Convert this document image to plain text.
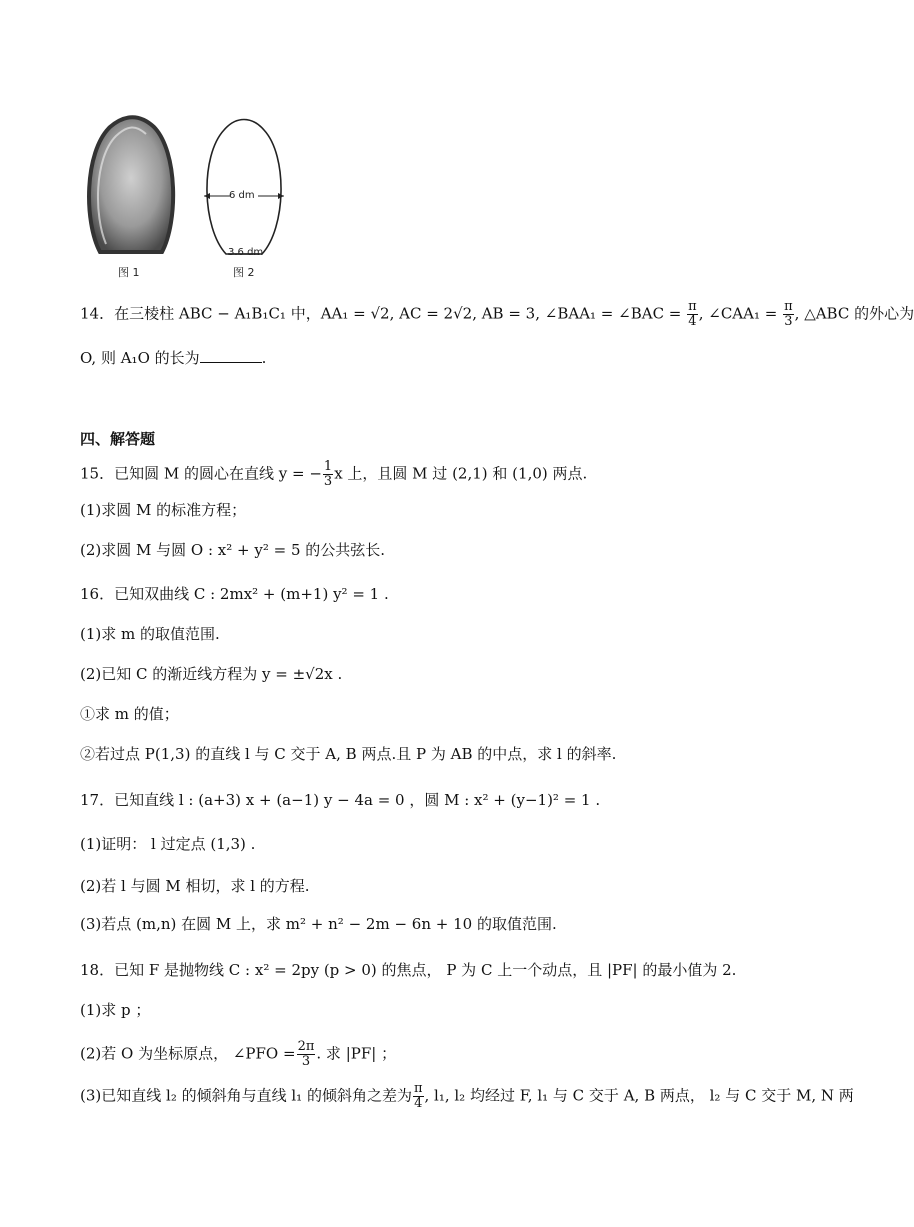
图 1
6 dm
3.6 dm
图 2
14．在三棱柱 ABC − A₁B₁C₁ 中，AA₁ = √2, AC = 2√2, AB = 3, ∠BAA₁ = ∠BAC = $\frac{\pi}{4}$ , ∠CAA₁ = $\frac{\pi}{3}$ , △ABC 的外心为
O, 则 A₁O 的长为	.
四、解答题
15．已知圆 M 的圆心在直线 y = − $\frac{1}{3}$ x 上，且圆 M 过 (2,1) 和 (1,0) 两点.
(1)求圆 M 的标准方程；
(2)求圆 M 与圆 O : x² + y² = 5 的公共弦长.
16．已知双曲线 C : 2mx² + (m+1) y² = 1 .
(1)求 m 的取值范围.
(2)已知 C 的渐近线方程为 y = ±√2x .
①求 m 的值；
②若过点 P(1,3) 的直线 l 与 C 交于 A, B 两点.且 P 为 AB 的中点，求 l 的斜率.
17．已知直线 l : (a+3) x + (a−1) y − 4a = 0 ，圆 M : x² + (y−1)² = 1 .
(1)证明： l 过定点 (1,3) .
(2)若 l 与圆 M 相切，求 l 的方程.
(3)若点 (m,n) 在圆 M 上，求 m² + n² − 2m − 6n + 10 的取值范围.
18．已知 F 是抛物线 C : x² = 2py (p > 0) 的焦点， P 为 C 上一个动点，且 |PF| 的最小值为 2.
(1)求 p ；
(2)若 O 为坐标原点， ∠PFO = $\frac{2\pi}{3}$ . 求 |PF| ；
(3)已知直线 l₂ 的倾斜角与直线 l₁ 的倾斜角之差为 $\frac{\pi}{4}$ , l₁, l₂ 均经过 F, l₁ 与 C 交于 A, B 两点， l₂ 与 C 交于 M, N 两
